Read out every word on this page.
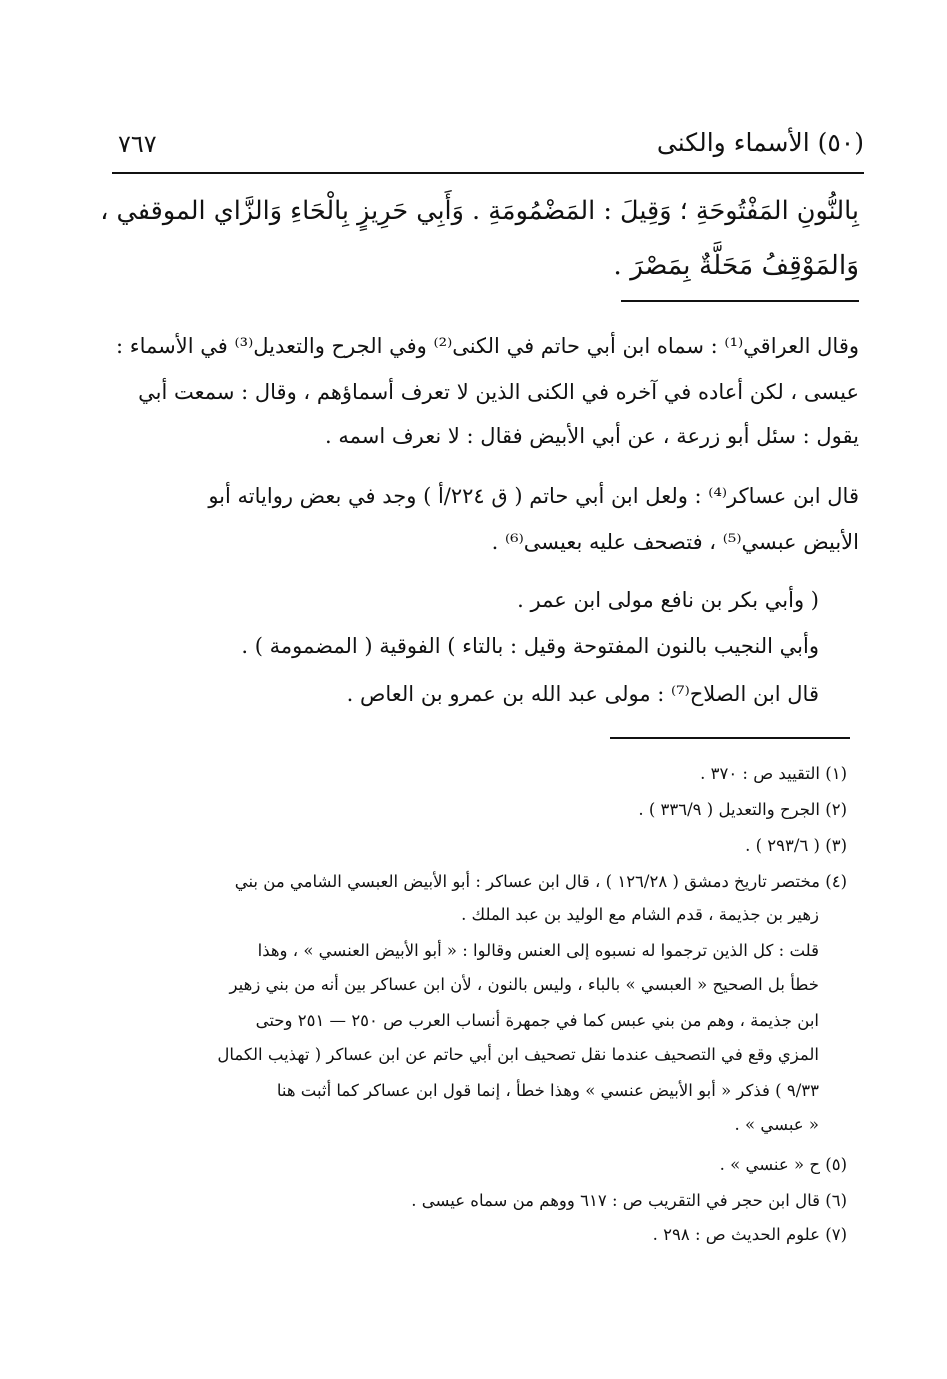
(٥٠) الأسماء والكنى
٧٦٧
بِالنُّونِ المَفْتُوحَةِ ؛ وَقِيلَ : المَضْمُومَةِ . وَأَبِي حَرِيزٍ بِالْحَاءِ وَالزَّاي الموقفي ،
وَالمَوْقِفُ مَحَلَّةٌ بِمَصْرَ .
وقال العراقي⁽¹⁾ : سماه ابن أبي حاتم في الكنى⁽²⁾ وفي الجرح والتعديل⁽³⁾ في الأسماء :
عيسى ، لكن أعاده في آخره في الكنى الذين لا تعرف أسماؤهم ، وقال : سمعت أبي
يقول : سئل أبو زرعة ، عن أبي الأبيض فقال : لا نعرف اسمه .
قال ابن عساكر⁽⁴⁾ : ولعل ابن أبي حاتم ( ق ٢٢٤/أ ) وجد في بعض رواياته أبو
الأبيض عبسي⁽⁵⁾ ، فتصحف عليه بعيسى⁽⁶⁾ .
( وأبي بكر بن نافع مولى ابن عمر .
وأبي النجيب بالنون المفتوحة وقيل : بالتاء ) الفوقية ( المضمومة ) .
قال ابن الصلاح⁽⁷⁾ : مولى عبد الله بن عمرو بن العاص .
(١) التقييد ص : ٣٧٠ .
(٢) الجرح والتعديل ( ٣٣٦/٩ ) .
(٣) ( ٢٩٣/٦ ) .
(٤) مختصر تاريخ دمشق ( ١٢٦/٢٨ ) ، قال ابن عساكر : أبو الأبيض العبسي الشامي من بني
زهير بن جذيمة ، قدم الشام مع الوليد بن عبد الملك .
قلت : كل الذين ترجموا له نسبوه إلى العنس وقالوا : « أبو الأبيض العنسي » ، وهذا
خطأ بل الصحيح « العبسي » بالباء ، وليس بالنون ، لأن ابن عساكر بين أنه من بني زهير
ابن جذيمة ، وهم من بني عبس كما في جمهرة أنساب العرب ص ٢٥٠ — ٢٥١ وحتى
المزي وقع في التصحيف عندما نقل تصحيف ابن أبي حاتم عن ابن عساكر ( تهذيب الكمال
٩/٣٣ ) فذكر « أبو الأبيض عنسي » وهذا خطأ ، إنما قول ابن عساكر كما أثبت هنا
« عبسي » .
(٥) ح « عنسي » .
(٦) قال ابن حجر في التقريب ص : ٦١٧ ووهم من سماه عيسى .
(٧) علوم الحديث ص : ٢٩٨ .
